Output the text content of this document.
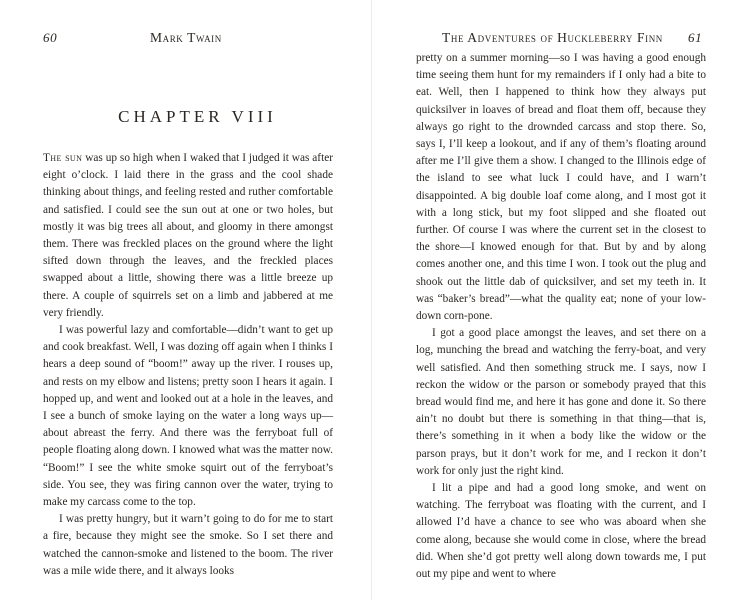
60	Mark Twain
CHAPTER VIII

The sun was up so high when I waked that I judged it was after eight o’clock. I laid there in the grass and the cool shade thinking about things, and feeling rested and ruther comfortable and satisfied. I could see the sun out at one or two holes, but mostly it was big trees all about, and gloomy in there amongst them. There was freckled places on the ground where the light sifted down through the leaves, and the freckled places swapped about a little, showing there was a little breeze up there. A couple of squirrels set on a limb and jabbered at me very friendly.

I was powerful lazy and comfortable—didn’t want to get up and cook breakfast. Well, I was dozing off again when I thinks I hears a deep sound of “boom!” away up the river. I rouses up, and rests on my elbow and listens; pretty soon I hears it again. I hopped up, and went and looked out at a hole in the leaves, and I see a bunch of smoke laying on the water a long ways up—about abreast the ferry. And there was the ferryboat full of people floating along down. I knowed what was the matter now. “Boom!” I see the white smoke squirt out of the ferryboat’s side. You see, they was firing cannon over the water, trying to make my carcass come to the top.

I was pretty hungry, but it warn’t going to do for me to start a fire, because they might see the smoke. So I set there and watched the cannon-smoke and listened to the boom. The river was a mile wide there, and it always looks

The Adventures of Huckleberry Finn 61

pretty on a summer morning—so I was having a good enough time seeing them hunt for my remainders if I only had a bite to eat. Well, then I happened to think how they always put quicksilver in loaves of bread and float them off, because they always go right to the drownded carcass and stop there. So, says I, I’ll keep a lookout, and if any of them’s floating around after me I’ll give them a show. I changed to the Illinois edge of the island to see what luck I could have, and I warn’t disappointed. A big double loaf come along, and I most got it with a long stick, but my foot slipped and she floated out further. Of course I was where the current set in the closest to the shore—I knowed enough for that. But by and by along comes another one, and this time I won. I took out the plug and shook out the little dab of quicksilver, and set my teeth in. It was “baker’s bread”—what the quality eat; none of your low-down corn-pone.

I got a good place amongst the leaves, and set there on a log, munching the bread and watching the ferry-boat, and very well satisfied. And then something struck me. I says, now I reckon the widow or the parson or somebody prayed that this bread would find me, and here it has gone and done it. So there ain’t no doubt but there is something in that thing—that is, there’s something in it when a body like the widow or the parson prays, but it don’t work for me, and I reckon it don’t work for only just the right kind.

I lit a pipe and had a good long smoke, and went on watching. The ferryboat was floating with the current, and I allowed I’d have a chance to see who was aboard when she come along, because she would come in close, where the bread did. When she’d got pretty well along down towards me, I put out my pipe and went to where
